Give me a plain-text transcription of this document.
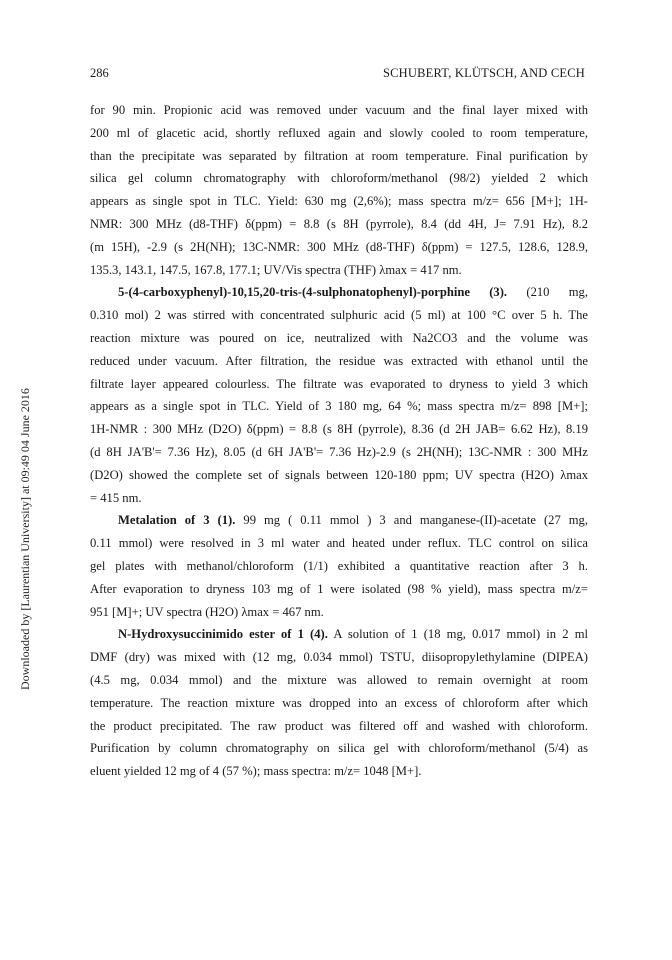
286	SCHUBERT, KLÜTSCH, AND CECH
Downloaded by [Laurentian University] at 09:49 04 June 2016
for 90 min. Propionic acid was removed under vacuum and the final layer mixed with
200 ml of glacetic acid, shortly refluxed again and slowly cooled to room temperature,
than the precipitate was separated by filtration at room temperature. Final purification by
silica gel column chromatography with chloroform/methanol (98/2) yielded 2 which
appears as single spot in TLC. Yield: 630 mg (2,6%); mass spectra m/z= 656 [M+]; 1H-
NMR: 300 MHz (d8-THF) δ(ppm) = 8.8 (s 8H (pyrrole), 8.4 (dd 4H, J= 7.91 Hz), 8.2
(m 15H), -2.9 (s 2H(NH); 13C-NMR: 300 MHz (d8-THF) δ(ppm) = 127.5, 128.6, 128.9,
135.3, 143.1, 147.5, 167.8, 177.1; UV/Vis spectra (THF) λmax = 417 nm.
5-(4-carboxyphenyl)-10,15,20-tris-(4-sulphonatophenyl)-porphine (3). (210 mg,
0.310 mol) 2 was stirred with concentrated sulphuric acid (5 ml) at 100 °C over 5 h. The
reaction mixture was poured on ice, neutralized with Na2CO3 and the volume was
reduced under vacuum. After filtration, the residue was extracted with ethanol until the
filtrate layer appeared colourless. The filtrate was evaporated to dryness to yield 3 which
appears as a single spot in TLC. Yield of 3 180 mg, 64 %; mass spectra m/z= 898 [M+];
1H-NMR : 300 MHz (D2O) δ(ppm) = 8.8 (s 8H (pyrrole), 8.36 (d 2H JAB= 6.62 Hz), 8.19
(d 8H JA'B'= 7.36 Hz), 8.05 (d 6H JA'B'= 7.36 Hz)-2.9 (s 2H(NH); 13C-NMR : 300 MHz
(D2O) showed the complete set of signals between 120-180 ppm; UV spectra (H2O) λmax
= 415 nm.
Metalation of 3 (1). 99 mg ( 0.11 mmol ) 3 and manganese-(II)-acetate (27 mg,
0.11 mmol) were resolved in 3 ml water and heated under reflux. TLC control on silica
gel plates with methanol/chloroform (1/1) exhibited a quantitative reaction after 3 h.
After evaporation to dryness 103 mg of 1 were isolated (98 % yield), mass spectra m/z=
951 [M]+; UV spectra (H2O) λmax = 467 nm.
N-Hydroxysuccinimido ester of 1 (4). A solution of 1 (18 mg, 0.017 mmol) in 2 ml
DMF (dry) was mixed with (12 mg, 0.034 mmol) TSTU, diisopropylethylamine (DIPEA)
(4.5 mg, 0.034 mmol) and the mixture was allowed to remain overnight at room
temperature. The reaction mixture was dropped into an excess of chloroform after which
the product precipitated. The raw product was filtered off and washed with chloroform.
Purification by column chromatography on silica gel with chloroform/methanol (5/4) as
eluent yielded 12 mg of 4 (57 %); mass spectra: m/z= 1048 [M+].
